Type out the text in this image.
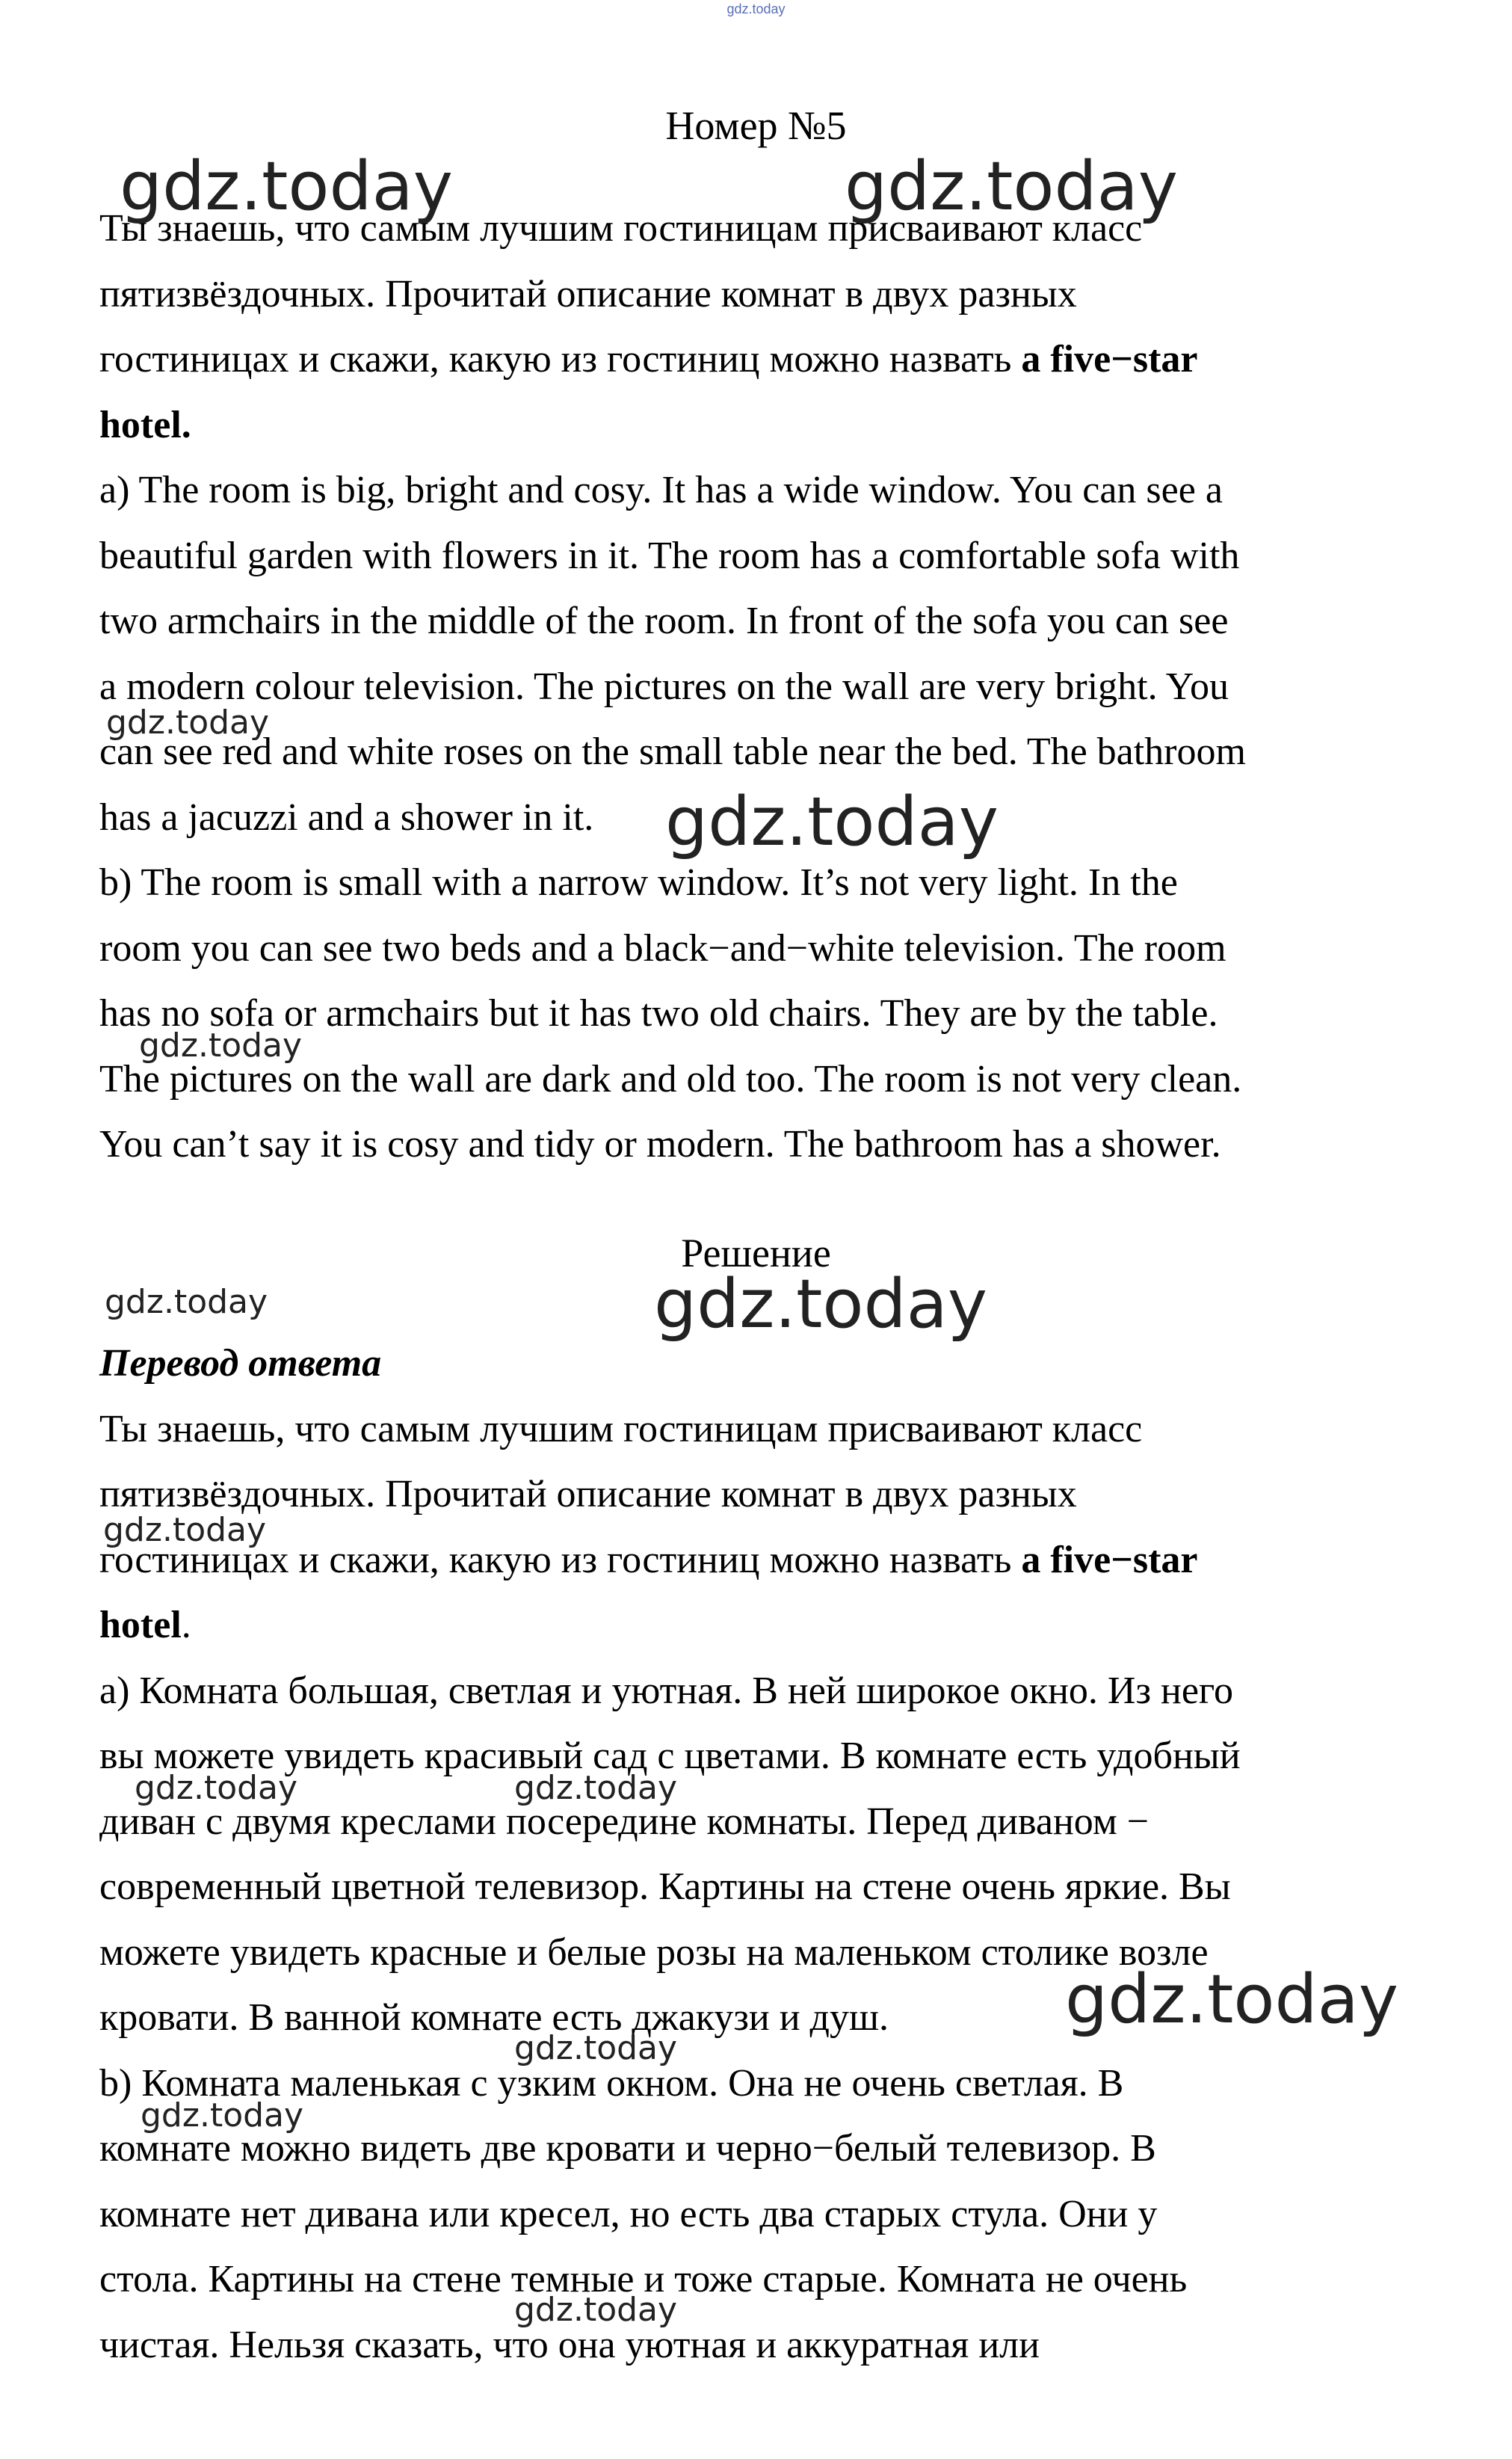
gdz.today
Номер №5
Ты знаешь, что самым лучшим гостиницам присваивают класс
пятизвёздочных. Прочитай описание комнат в двух разных
гостиницах и скажи, какую из гостиниц можно назвать a five−star
hotel.
a) The room is big, bright and cosy. It has a wide window. You can see a
beautiful garden with flowers in it. The room has a comfortable sofa with
two armchairs in the middle of the room. In front of the sofa you can see
a modern colour television. The pictures on the wall are very bright. You
can see red and white roses on the small table near the bed. The bathroom
has a jacuzzi and a shower in it.
b) The room is small with a narrow window. It’s not very light. In the
room you can see two beds and a black−and−white television. The room
has no sofa or armchairs but it has two old chairs. They are by the table.
The pictures on the wall are dark and old too. The room is not very clean.
You can’t say it is cosy and tidy or modern. The bathroom has a shower.
Решение
Перевод ответа
Ты знаешь, что самым лучшим гостиницам присваивают класс
пятизвёздочных. Прочитай описание комнат в двух разных
гостиницах и скажи, какую из гостиниц можно назвать a five−star
hotel.
a) Комната большая, светлая и уютная. В ней широкое окно. Из него
вы можете увидеть красивый сад с цветами. В комнате есть удобный
диван с двумя креслами посередине комнаты. Перед диваном −
современный цветной телевизор. Картины на стене очень яркие. Вы
можете увидеть красные и белые розы на маленьком столике возле
кровати. В ванной комнате есть джакузи и душ.
b) Комната маленькая с узким окном. Она не очень светлая. В
комнате можно видеть две кровати и черно−белый телевизор. В
комнате нет дивана или кресел, но есть два старых стула. Они у
стола. Картины на стене темные и тоже старые. Комната не очень
чистая. Нельзя сказать, что она уютная и аккуратная или
gdz.today	gdz.today
gdz.today
gdz.today
gdz.today
gdz.today	gdz.today
gdz.today
gdz.today	gdz.today
gdz.today
gdz.today
gdz.today
gdz.today
